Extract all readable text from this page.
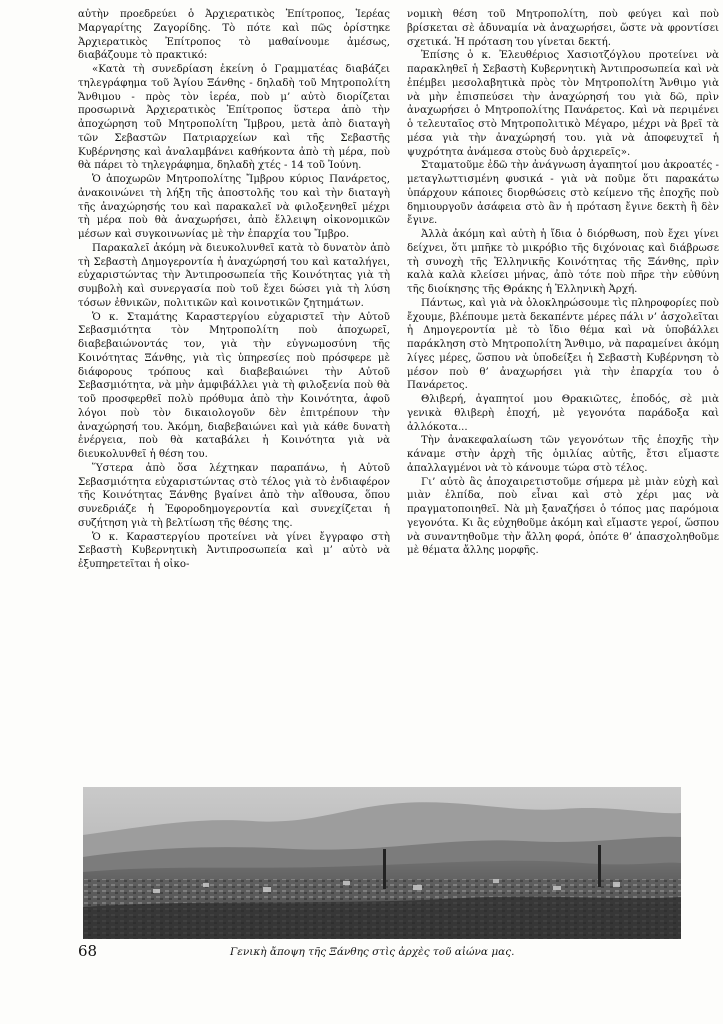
αὐτὴν προεδρεύει ὁ Ἀρχιερατικὸς Ἐπίτροπος, Ἱερέας Μαργαρίτης Ζαγορίδης. Τὸ πότε καὶ πῶς ὁρίστηκε Ἀρχιερατικὸς Ἐπίτροπος τὸ μαθαίνουμε ἀμέσως, διαβάζουμε τὸ πρακτικό:

«Κατὰ τὴ συνεδρίαση ἐκείνη ὁ Γραμματέας διαβάζει τηλεγράφημα τοῦ Ἁγίου Ξάνθης - δηλαδὴ τοῦ Μητροπολίτη Ἄνθιμου - πρὸς τὸν ἱερέα, ποὺ μ’ αὐτὸ διορίζεται προσωρινὰ Ἀρχιερατικὸς Ἐπίτροπος ὕστερα ἀπὸ τὴν ἀποχώρηση τοῦ Μητροπολίτη Ἴμβρου, μετὰ ἀπὸ διαταγὴ τῶν Σεβαστῶν Πατριαρχείων καὶ τῆς Σεβαστῆς Κυβέρνησης καὶ ἀναλαμβάνει καθήκοντα ἀπὸ τὴ μέρα, ποὺ θὰ πάρει τὸ τηλεγράφημα, δηλαδὴ χτές - 14 τοῦ Ἰούνη.

Ὁ ἀποχωρῶν Μητροπολίτης Ἴμβρου κύριος Πανάρετος, ἀνακοινώνει τὴ λήξη τῆς ἀποστολῆς του καὶ τὴν διαταγὴ τῆς ἀναχώρησής του καὶ παρακαλεῖ νὰ φιλοξενηθεῖ μέχρι τὴ μέρα ποὺ θὰ ἀναχωρήσει, ἀπὸ ἔλλειψη οἰκονομικῶν μέσων καὶ συγκοινωνίας μὲ τὴν ἐπαρχία του Ἴμβρο.

Παρακαλεῖ ἀκόμη νὰ διευκολυνθεῖ κατὰ τὸ δυνατὸν ἀπὸ τὴ Σεβαστὴ Δημογεροντία ἡ ἀναχώρησή του καὶ καταλήγει, εὐχαριστώντας τὴν Ἀντιπροσωπεία τῆς Κοινότητας γιὰ τὴ συμβολὴ καὶ συνεργασία ποὺ τοῦ ἔχει δώσει γιὰ τὴ λύση τόσων ἐθνικῶν, πολιτικῶν καὶ κοινοτικῶν ζητημάτων.

Ὁ κ. Σταμάτης Καραστεργίου εὐχαριστεῖ τὴν Αὐτοῦ Σεβασμιότητα τὸν Μητροπολίτη ποὺ ἀποχωρεῖ, διαβεβαιώνοντάς τον, γιὰ τὴν εὐγνωμοσύνη τῆς Κοινότητας Ξάνθης, γιὰ τὶς ὑπηρεσίες ποὺ πρόσφερε μὲ διάφορους τρόπους καὶ διαβεβαιώνει τὴν Αὐτοῦ Σεβασμιότητα, νὰ μὴν ἀμφιβάλλει γιὰ τὴ φιλοξενία ποὺ θὰ τοῦ προσφερθεῖ πολὺ πρόθυμα ἀπὸ τὴν Κοινότητα, ἀφοῦ λόγοι ποὺ τὸν δικαιολογοῦν δὲν ἐπιτρέπουν τὴν ἀναχώρησή του. Ἀκόμη, διαβεβαιώνει καὶ γιὰ κάθε δυνατὴ ἐνέργεια, ποὺ θὰ καταβάλει ἡ Κοινότητα γιὰ νὰ διευκολυνθεῖ ἡ θέση του.

Ὕστερα ἀπὸ ὅσα λέχτηκαν παραπάνω, ἡ Αὐτοῦ Σεβασμιότητα εὐχαριστώντας στὸ τέλος γιὰ τὸ ἐνδιαφέρον τῆς Κοινότητας Ξάνθης βγαίνει ἀπὸ τὴν αἴθουσα, ὅπου συνεδριάζε ἡ Ἐφοροδημογεροντία καὶ συνεχίζεται ἡ συζήτηση γιὰ τὴ βελτίωση τῆς θέσης της.

Ὁ κ. Καραστεργίου προτείνει νὰ γίνει ἔγγραφο στὴ Σεβαστὴ Κυβερνητικὴ Ἀντιπροσωπεία καὶ μ’ αὐτὸ νὰ ἐξυπηρετεῖται ἡ οἰκο-

νομικὴ θέση τοῦ Μητροπολίτη, ποὺ φεύγει καὶ ποὺ βρίσκεται σὲ ἀδυναμία νὰ ἀναχωρήσει, ὥστε νὰ φροντίσει σχετικά. Ἡ πρόταση του γίνεται δεκτή.

Ἐπίσης ὁ κ. Ἐλευθέριος Χασιοτζόγλου προτείνει νὰ παρακληθεῖ ἡ Σεβαστὴ Κυβερνητικὴ Ἀντιπροσωπεία καὶ νὰ ἐπέμβει μεσολαβητικὰ πρὸς τὸν Μητροπολίτη Ἄνθιμο γιὰ νὰ μὴν ἐπισπεύσει τὴν ἀναχώρησή του γιὰ δῶ, πρὶν ἀναχωρήσει ὁ Μητροπολίτης Πανάρετος. Καὶ νὰ περιμένει ὁ τελευταῖος στὸ Μητροπολιτικὸ Μέγαρο, μέχρι νὰ βρεῖ τὰ μέσα γιὰ τὴν ἀναχώρησή του. γιὰ νὰ ἀποφευχτεῖ ἡ ψυχρότητα ἀνάμεσα στοὺς δυὸ ἀρχιερεῖς».

Σταματοῦμε ἐδῶ τὴν ἀνάγνωση ἀγαπητοί μου ἀκροατές - μεταγλωττισμένη φυσικά - γιὰ νὰ ποῦμε ὅτι παρακάτω ὑπάρχουν κάποιες διορθώσεις στὸ κείμενο τῆς ἐποχῆς ποὺ δημιουργοῦν ἀσάφεια στὸ ἂν ἡ πρόταση ἔγινε δεκτὴ ἢ δὲν ἔγινε.

Ἀλλὰ ἀκόμη καὶ αὐτὴ ἡ ἴδια ὁ διόρθωση, ποὺ ἔχει γίνει δείχνει, ὅτι μπῆκε τὸ μικρόβιο τῆς διχόνοιας καὶ διάβρωσε τὴ συνοχὴ τῆς Ἑλληνικῆς Κοινότητας τῆς Ξάνθης, πρὶν καλὰ καλὰ κλείσει μήνας, ἀπὸ τότε ποὺ πῆρε τὴν εὐθύνη τῆς διοίκησης τῆς Θράκης ἡ Ἑλληνικὴ Ἀρχή.

Πάντως, καὶ γιὰ νὰ ὁλοκληρώσουμε τὶς πληροφορίες ποὺ ἔχουμε, βλέπουμε μετὰ δεκαπέντε μέρες πάλι ν’ ἀσχολεῖται ἡ Δημογεροντία μὲ τὸ ἴδιο θέμα καὶ νὰ ὑποβάλλει παράκληση στὸ Μητροπολίτη Ἄνθιμο, νὰ παραμείνει ἀκόμη λίγες μέρες, ὥσπου νὰ ὑποδείξει ἡ Σεβαστὴ Κυβέρνηση τὸ μέσον ποὺ θ’ ἀναχωρήσει γιὰ τὴν ἐπαρχία του ὁ Πανάρετος.

Θλιβερή, ἀγαπητοί μου Θρακιῶτες, ἐποδός, σὲ μιὰ γενικὰ θλιβερὴ ἐποχή, μὲ γεγονότα παράδοξα καὶ ἀλλόκοτα...

Τὴν ἀνακεφαλαίωση τῶν γεγονότων τῆς ἐποχῆς τὴν κάναμε στὴν ἀρχὴ τῆς ὁμιλίας αὐτῆς, ἔτσι εἴμαστε ἀπαλλαγμένοι νὰ τὸ κάνουμε τώρα στὸ τέλος.

Γι’ αὐτὸ ἂς ἀποχαιρετιστοῦμε σήμερα μὲ μιὰν εὐχὴ καὶ μιὰν ἐλπίδα, ποὺ εἶναι καὶ στὸ χέρι μας νὰ πραγματοποιηθεῖ. Νὰ μὴ ξαναζήσει ὁ τόπος μας παρόμοια γεγονότα. Κι ἂς εὐχηθοῦμε ἀκόμη καὶ εἴμαστε γεροί, ὥσπου νὰ συναντηθοῦμε τὴν ἄλλη φορά, ὁπότε θ’ ἀπασχοληθοῦμε μὲ θέματα ἄλλης μορφῆς.

68	Γενικὴ ἄποψη τῆς Ξάνθης στὶς ἀρχὲς τοῦ αἰώνα μας.
